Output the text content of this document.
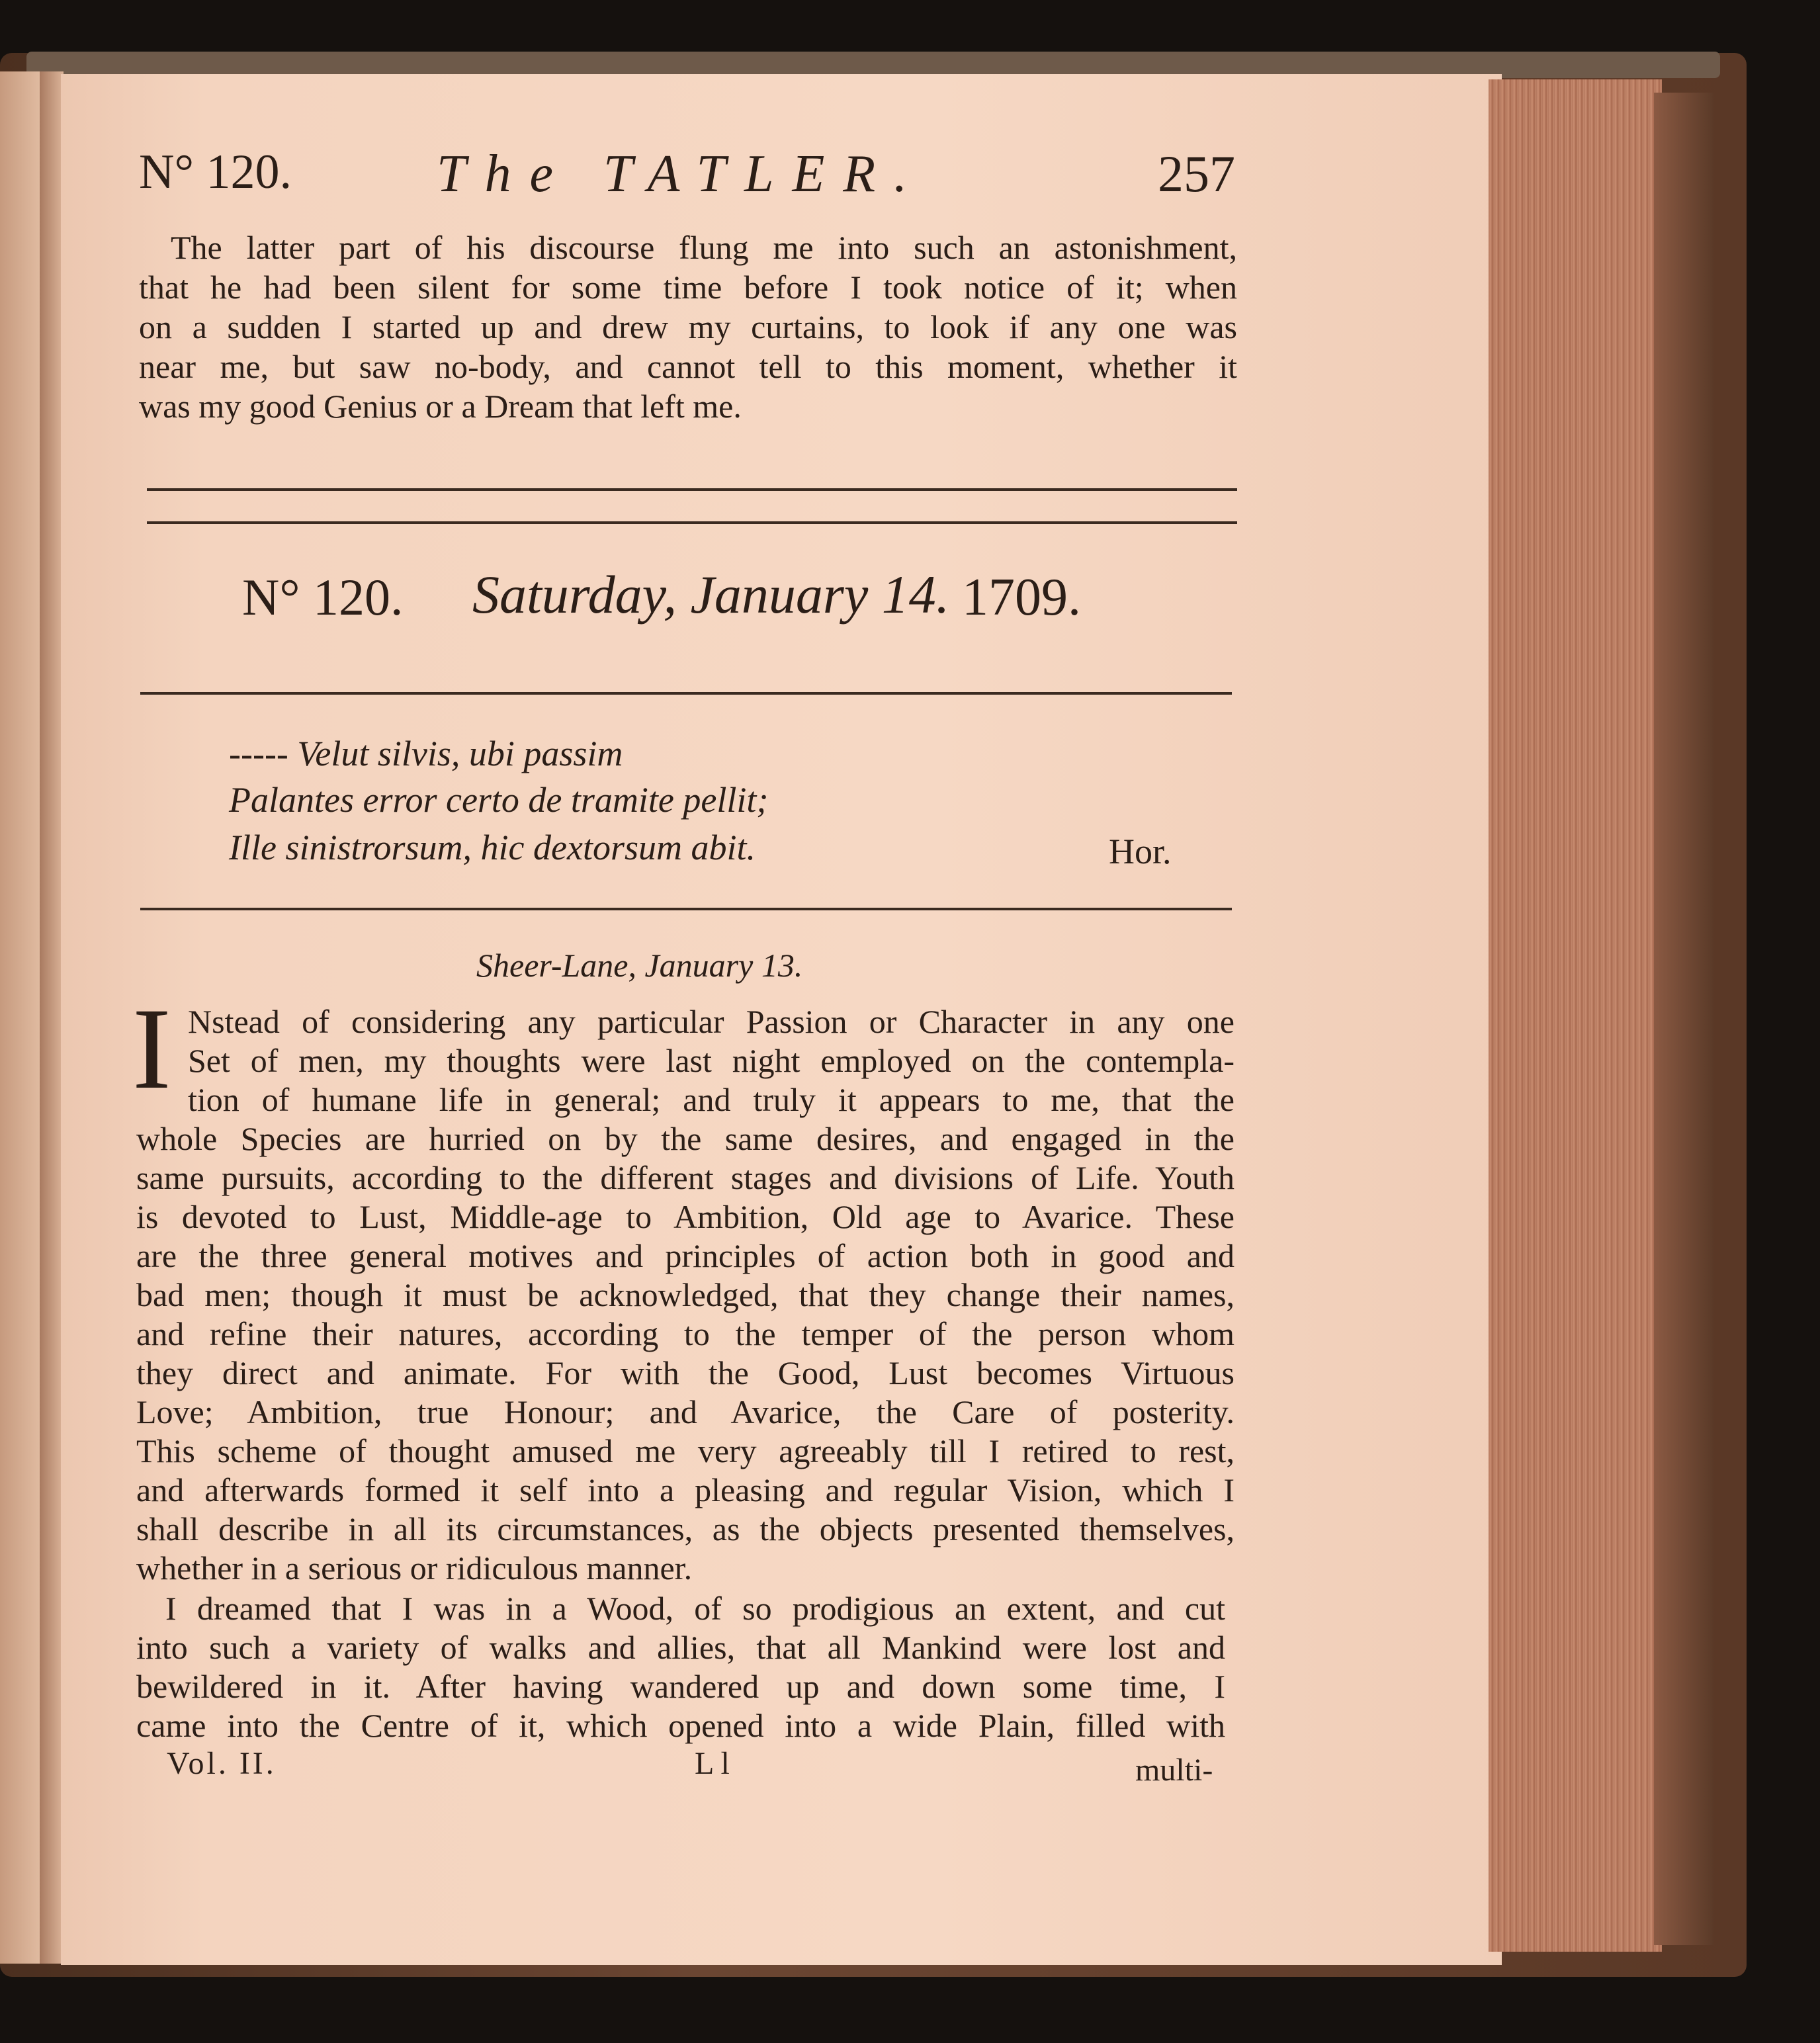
N° 120.	The TATLER.	257
The latter part of his discourse flung me into such an astonishment,
that he had been silent for some time before I took notice of it; when
on a sudden I started up and drew my curtains, to look if any one was
near me, but saw no-body, and cannot tell to this moment, whether it
was my good Genius or a Dream that left me.
N° 120. Saturday, January 14. 1709.
----- Velut silvis, ubi passim
Palantes error certo de tramite pellit;
Ille sinistrorsum, hic dextorsum abit.	Hor.
Sheer-Lane, January 13.
I Nstead of considering any particular Passion or Character in any one
Set of men, my thoughts were last night employed on the contempla-
tion of humane life in general; and truly it appears to me, that the
whole Species are hurried on by the same desires, and engaged in the
same pursuits, according to the different stages and divisions of Life. Youth
is devoted to Lust, Middle-age to Ambition, Old age to Avarice. These
are the three general motives and principles of action both in good and
bad men; though it must be acknowledged, that they change their names,
and refine their natures, according to the temper of the person whom
they direct and animate. For with the Good, Lust becomes Virtuous
Love; Ambition, true Honour; and Avarice, the Care of posterity.
This scheme of thought amused me very agreeably till I retired to rest,
and afterwards formed it self into a pleasing and regular Vision, which I
shall describe in all its circumstances, as the objects presented themselves,
whether in a serious or ridiculous manner.
I dreamed that I was in a Wood, of so prodigious an extent, and cut
into such a variety of walks and allies, that all Mankind were lost and
bewildered in it. After having wandered up and down some time, I
came into the Centre of it, which opened into a wide Plain, filled with
Vol. II.	L l	multi-
